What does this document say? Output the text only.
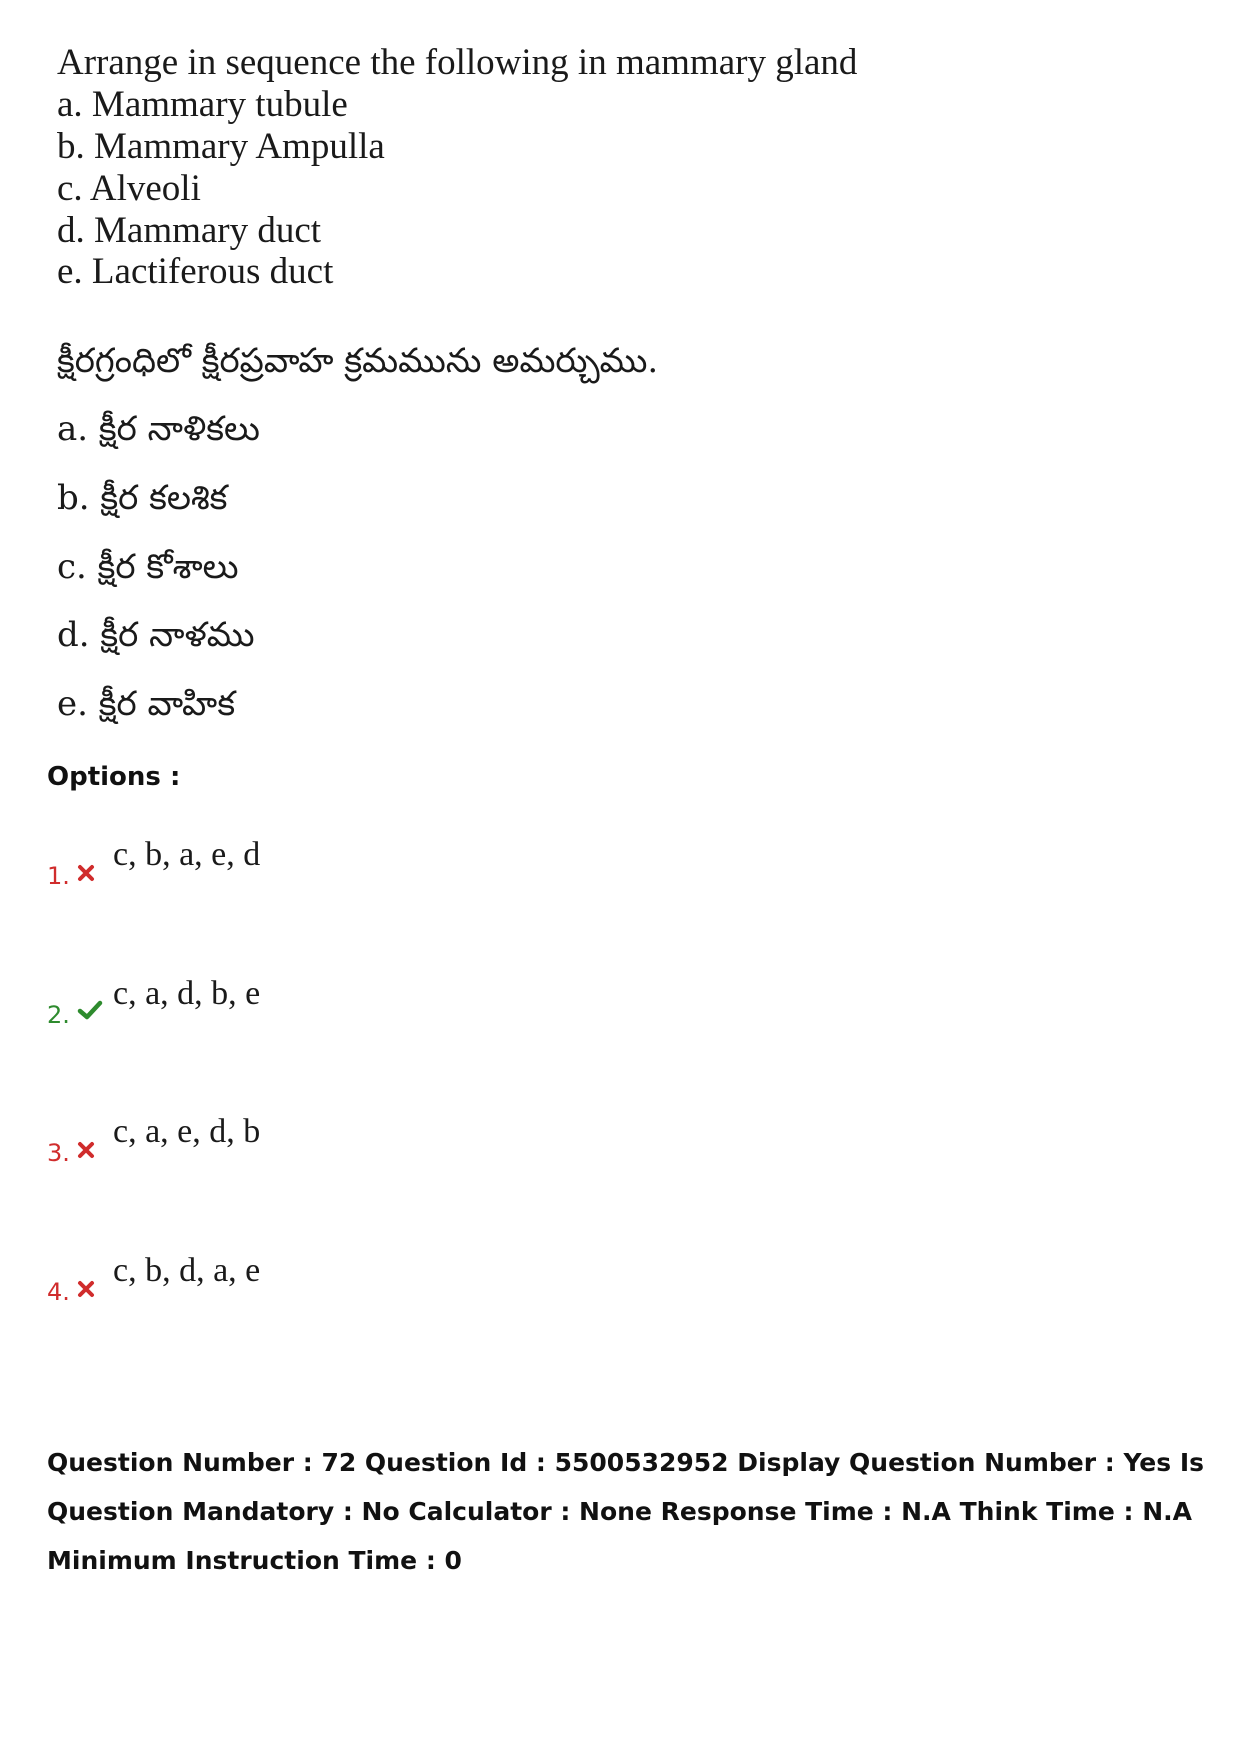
Arrange in sequence the following in mammary gland
a. Mammary tubule
b. Mammary Ampulla
c. Alveoli
d. Mammary duct
e. Lactiferous duct
క్షీరగ్రంధిలో క్షీరప్రవాహ క్రమమును అమర్చుము.
a. క్షీర నాళికలు
b. క్షీర కలశిక
c. క్షీర కోశాలు
d. క్షీర నాళము
e. క్షీర వాహిక
Options :
1.
c, b, a, e, d
2.
c, a, d, b, e
3.
c, a, e, d, b
4.
c, b, d, a, e
Question Number : 72 Question Id : 5500532952 Display Question Number : Yes Is Question Mandatory : No Calculator : None Response Time : N.A Think Time : N.A Minimum Instruction Time : 0
